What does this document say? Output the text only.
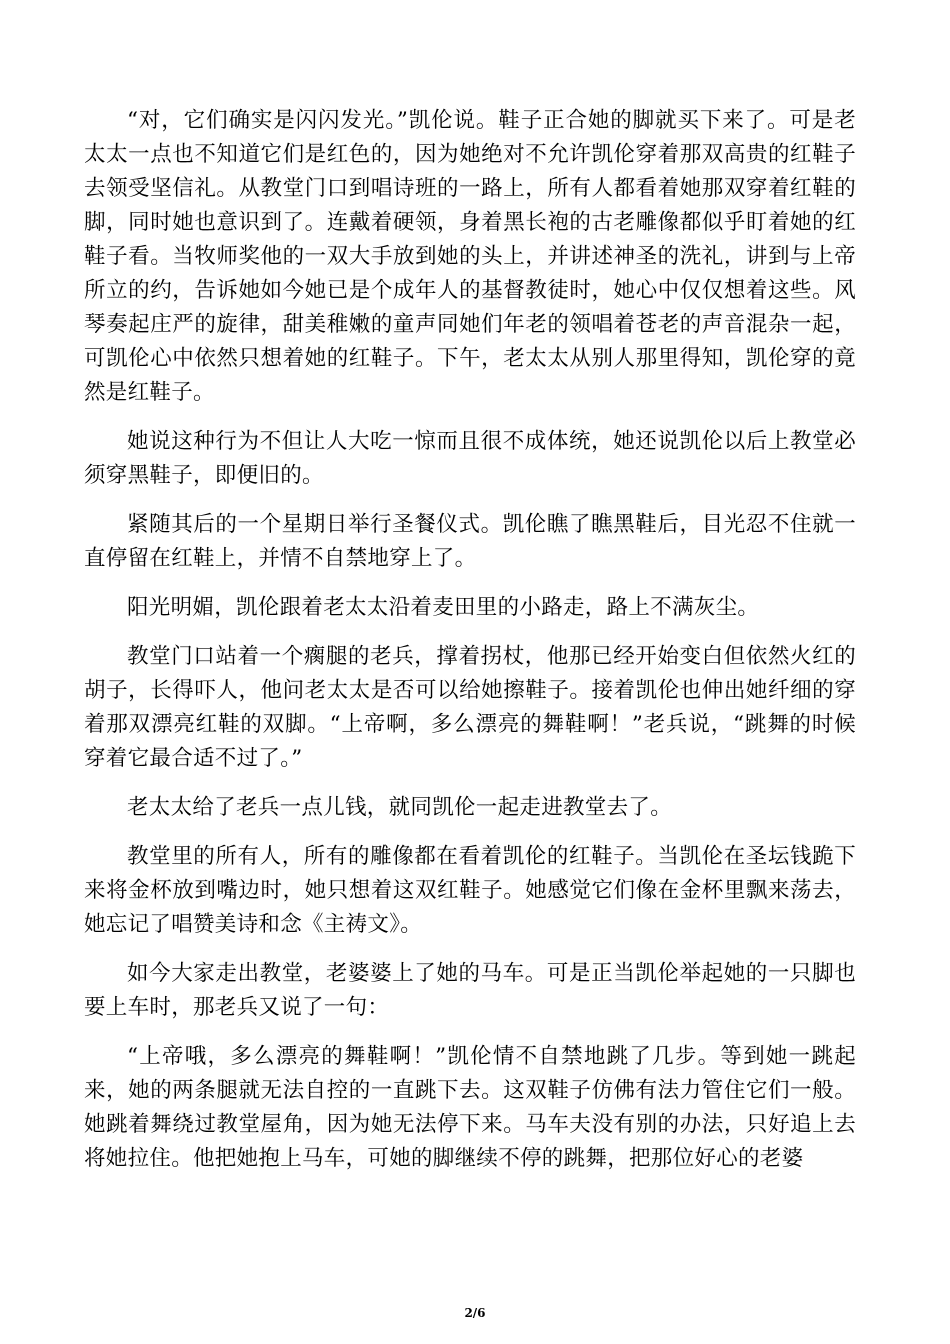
“对，它们确实是闪闪发光。”凯伦说。鞋子正合她的脚就买下来了。可是老太太一点也不知道它们是红色的，因为她绝对不允许凯伦穿着那双高贵的红鞋子去领受坚信礼。从教堂门口到唱诗班的一路上，所有人都看着她那双穿着红鞋的脚，同时她也意识到了。连戴着硬领，身着黑长袍的古老雕像都似乎盯着她的红鞋子看。当牧师奖他的一双大手放到她的头上，并讲述神圣的洗礼，讲到与上帝所立的约，告诉她如今她已是个成年人的基督教徒时，她心中仅仅想着这些。风琴奏起庄严的旋律，甜美稚嫩的童声同她们年老的领唱着苍老的声音混杂一起，可凯伦心中依然只想着她的红鞋子。下午，老太太从别人那里得知，凯伦穿的竟然是红鞋子。

她说这种行为不但让人大吃一惊而且很不成体统，她还说凯伦以后上教堂必须穿黑鞋子，即便旧的。

紧随其后的一个星期日举行圣餐仪式。凯伦瞧了瞧黑鞋后，目光忍不住就一直停留在红鞋上，并情不自禁地穿上了。

阳光明媚，凯伦跟着老太太沿着麦田里的小路走，路上不满灰尘。

教堂门口站着一个瘸腿的老兵，撑着拐杖，他那已经开始变白但依然火红的胡子，长得吓人，他问老太太是否可以给她擦鞋子。接着凯伦也伸出她纤细的穿着那双漂亮红鞋的双脚。“上帝啊，多么漂亮的舞鞋啊！”老兵说，“跳舞的时候穿着它最合适不过了。”

老太太给了老兵一点儿钱，就同凯伦一起走进教堂去了。

教堂里的所有人，所有的雕像都在看着凯伦的红鞋子。当凯伦在圣坛钱跪下来将金杯放到嘴边时，她只想着这双红鞋子。她感觉它们像在金杯里飘来荡去，她忘记了唱赞美诗和念《主祷文》。

如今大家走出教堂，老婆婆上了她的马车。可是正当凯伦举起她的一只脚也要上车时，那老兵又说了一句：

“上帝哦，多么漂亮的舞鞋啊！”凯伦情不自禁地跳了几步。等到她一跳起来，她的两条腿就无法自控的一直跳下去。这双鞋子仿佛有法力管住它们一般。她跳着舞绕过教堂屋角，因为她无法停下来。马车夫没有别的办法，只好追上去将她拉住。他把她抱上马车，可她的脚继续不停的跳舞，把那位好心的老婆

2/6
